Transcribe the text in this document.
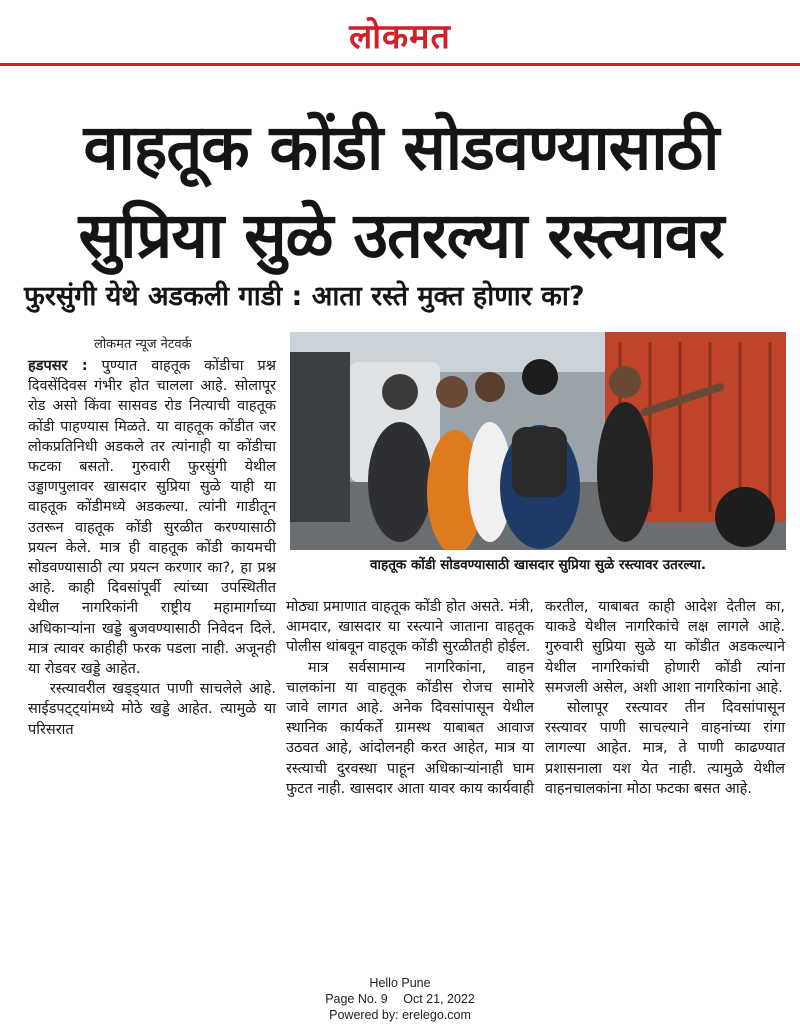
लोकमत
वाहतूक कोंडी सोडवण्यासाठी
सुप्रिया सुळे उतरल्या रस्त्यावर
फुरसुंगी येथे अडकली गाडी : आता रस्ते मुक्त होणार का?
लोकमत न्यूज नेटवर्क

हडपसर : पुण्यात वाहतूक कोंडीचा प्रश्न दिवसेंदिवस गंभीर होत चालला आहे. सोलापूर रोड असो किंवा सासवड रोड नित्याची वाहतूक कोंडी पाहण्यास मिळते. या वाहतूक कोंडीत जर लोकप्रतिनिधी अडकले तर त्यांनाही या कोंडीचा फटका बसतो. गुरुवारी फुरसुंगी येथील उड्डाणपुलावर खासदार सुप्रिया सुळे याही या वाहतूक कोंडीमध्ये अडकल्या. त्यांनी गाडीतून उतरून वाहतूक कोंडी सुरळीत करण्यासाठी प्रयत्न केले. मात्र ही वाहतूक कोंडी कायमची सोडवण्यासाठी त्या प्रयत्न करणार का?, हा प्रश्न आहे. काही दिवसांपूर्वी त्यांच्या उपस्थितीत येथील नागरिकांनी राष्ट्रीय महामार्गाच्या अधिकाऱ्यांना खड्डे बुजवण्यासाठी निवेदन दिले. मात्र त्यावर काहीही फरक पडला नाही. अजूनही या रोडवर खड्डे आहेत.

रस्त्यावरील खड्ड्यात पाणी साचलेले आहे. साईडपट्ट्यांमध्ये मोठे खड्डे आहेत. त्यामुळे या परिसरात

वाहतूक कोंडी सोडवण्यासाठी खासदार सुप्रिया सुळे रस्त्यावर उतरल्या.

मोठ्या प्रमाणात वाहतूक कोंडी होत असते. मंत्री, आमदार, खासदार या रस्त्याने जाताना वाहतूक पोलीस थांबवून वाहतूक कोंडी सुरळीतही होईल.

मात्र सर्वसामान्य नागरिकांना, वाहन चालकांना या वाहतूक कोंडीस रोजच सामोरे जावे लागत आहे. अनेक दिवसांपासून येथील स्थानिक कार्यकर्ते ग्रामस्थ याबाबत आवाज उठवत आहे, आंदोलनही करत आहेत, मात्र या रस्त्याची दुरवस्था पाहून अधिकाऱ्यांनाही घाम फुटत नाही. खासदार आता यावर काय कार्यवाही

करतील, याबाबत काही आदेश देतील का, याकडे येथील नागरिकांचे लक्ष लागले आहे. गुरुवारी सुप्रिया सुळे या कोंडीत अडकल्याने येथील नागरिकांची होणारी कोंडी त्यांना समजली असेल, अशी आशा नागरिकांना आहे.

सोलापूर रस्त्यावर तीन दिवसांपासून रस्त्यावर पाणी साचल्याने वाहनांच्या रांगा लागल्या आहेत. मात्र, ते पाणी काढण्यात प्रशासनाला यश येत नाही. त्यामुळे येथील वाहनचालकांना मोठा फटका बसत आहे.

Hello Pune
Page No. 9 Oct 21, 2022
Powered by: erelego.com
